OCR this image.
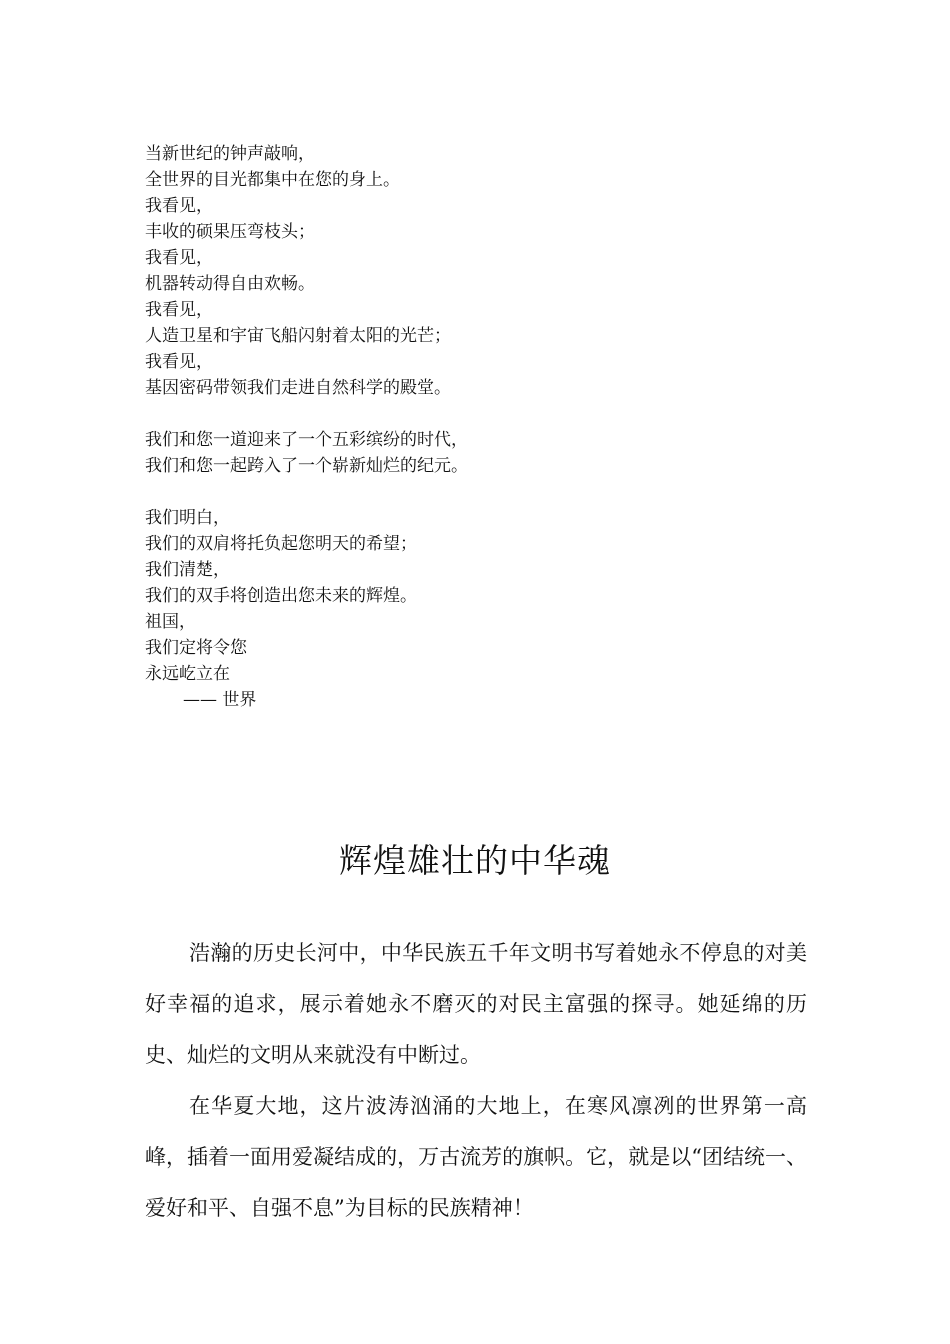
当新世纪的钟声敲响，
全世界的目光都集中在您的身上。
我看见，
丰收的硕果压弯枝头；
我看见，
机器转动得自由欢畅。
我看见，
人造卫星和宇宙飞船闪射着太阳的光芒；
我看见，
基因密码带领我们走进自然科学的殿堂。
我们和您一道迎来了一个五彩缤纷的时代，
我们和您一起跨入了一个崭新灿烂的纪元。
我们明白，
我们的双肩将托负起您明天的希望；
我们清楚，
我们的双手将创造出您未来的辉煌。
祖国，
我们定将令您
永远屹立在
—— 世界
辉煌雄壮的中华魂

浩瀚的历史长河中，中华民族五千年文明书写着她永不停息的对美好幸福的追求，展示着她永不磨灭的对民主富强的探寻。她延绵的历史、灿烂的文明从来就没有中断过。

在华夏大地，这片波涛汹涌的大地上，在寒风凛冽的世界第一高峰，插着一面用爱凝结成的，万古流芳的旗帜。它，就是以“团结统一、爱好和平、自强不息”为目标的民族精神！
